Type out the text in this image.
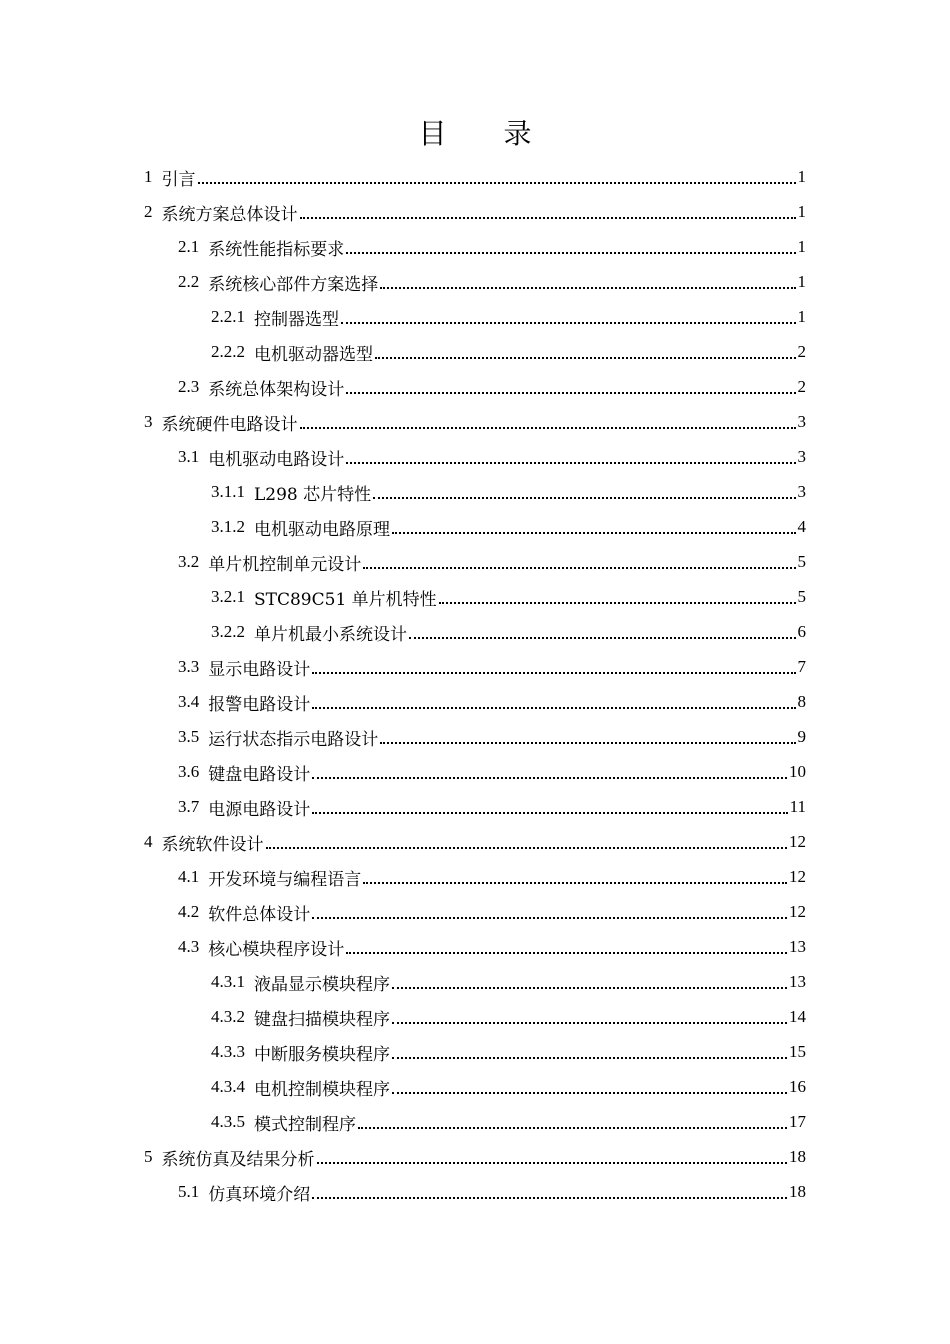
目 录
1 引言	1
2 系统方案总体设计	1
2.1 系统性能指标要求	1
2.2 系统核心部件方案选择	1
2.2.1 控制器选型	1
2.2.2 电机驱动器选型	2
2.3 系统总体架构设计	2
3 系统硬件电路设计	3
3.1 电机驱动电路设计	3
3.1.1 L298 芯片特性	3
3.1.2 电机驱动电路原理	4
3.2 单片机控制单元设计	5
3.2.1 STC89C51 单片机特性	5
3.2.2 单片机最小系统设计	6
3.3 显示电路设计	7
3.4 报警电路设计	8
3.5 运行状态指示电路设计	9
3.6 键盘电路设计	10
3.7 电源电路设计	11
4 系统软件设计	12
4.1 开发环境与编程语言	12
4.2 软件总体设计	12
4.3 核心模块程序设计	13
4.3.1 液晶显示模块程序	13
4.3.2 键盘扫描模块程序	14
4.3.3 中断服务模块程序	15
4.3.4 电机控制模块程序	16
4.3.5 模式控制程序	17
5 系统仿真及结果分析	18
5.1 仿真环境介绍	18
